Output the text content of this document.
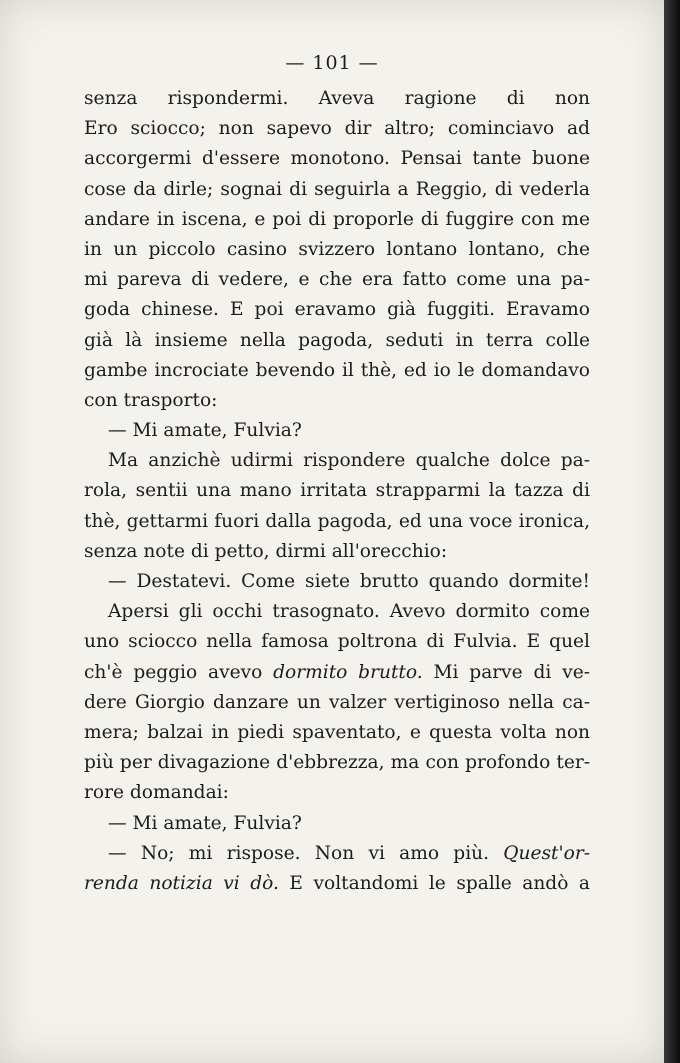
— 101 —
senza rispondermi. Aveva ragione di non
Ero sciocco; non sapevo dir altro; cominciavo ad
accorgermi d'essere monotono. Pensai tante buone
cose da dirle; sognai di seguirla a Reggio, di vederla
andare in iscena, e poi di proporle di fuggire con me
in un piccolo casino svizzero lontano lontano, che
mi pareva di vedere, e che era fatto come una pa-
goda chinese. E poi eravamo già fuggiti. Eravamo
già là insieme nella pagoda, seduti in terra colle
gambe incrociate bevendo il thè, ed io le domandavo
con trasporto:
— Mi amate, Fulvia?
Ma anzichè udirmi rispondere qualche dolce pa-
rola, sentii una mano irritata strapparmi la tazza di
thè, gettarmi fuori dalla pagoda, ed una voce ironica,
senza note di petto, dirmi all'orecchio:
— Destatevi. Come siete brutto quando dormite!
Apersi gli occhi trasognato. Avevo dormito come
uno sciocco nella famosa poltrona di Fulvia. E quel
ch'è peggio avevo dormito brutto. Mi parve di ve-
dere Giorgio danzare un valzer vertiginoso nella ca-
mera; balzai in piedi spaventato, e questa volta non
più per divagazione d'ebbrezza, ma con profondo ter-
rore domandai:
— Mi amate, Fulvia?
— No; mi rispose. Non vi amo più. Quest'or-
renda notizia vi dò. E voltandomi le spalle andò a
